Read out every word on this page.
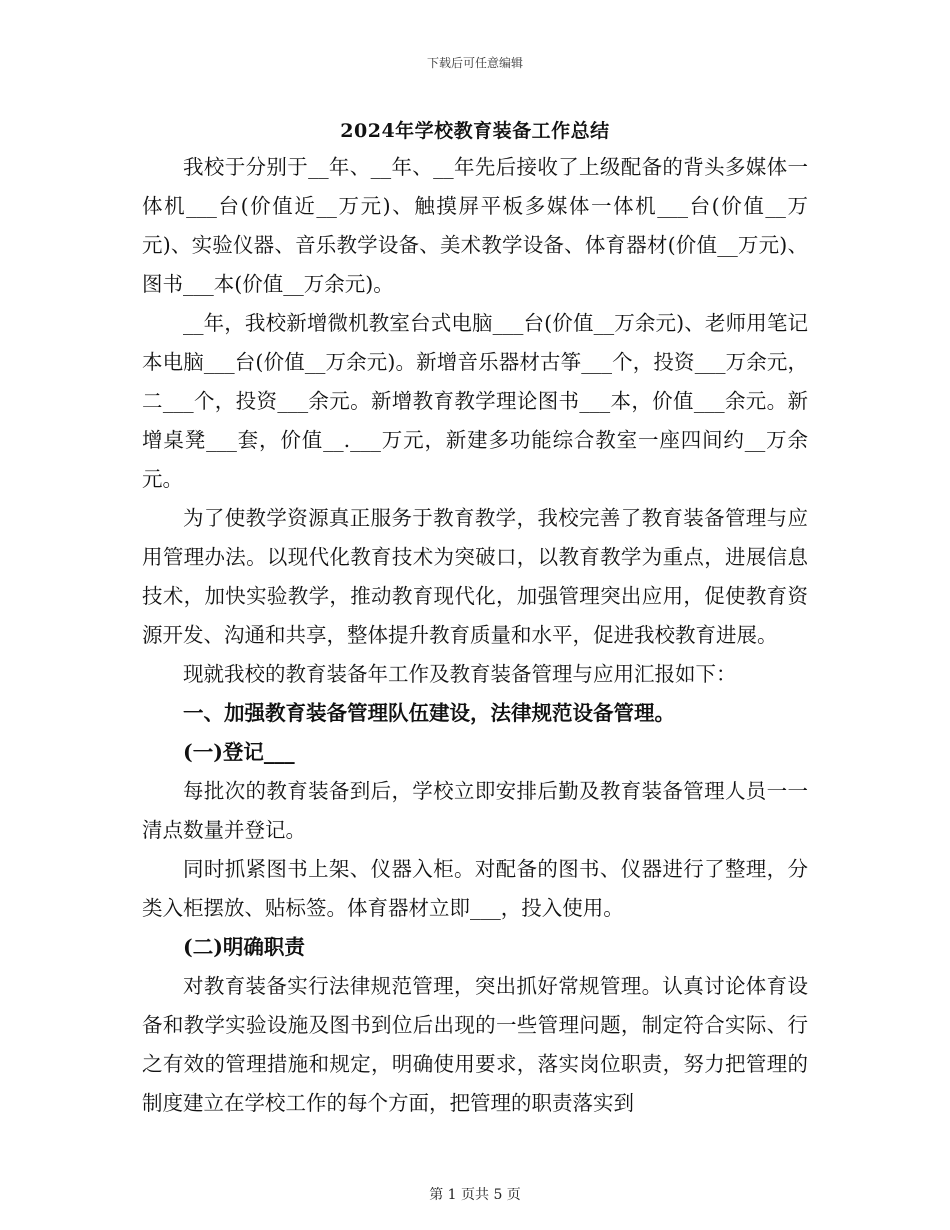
下载后可任意编辑
2024年学校教育装备工作总结

我校于分别于__年、__年、__年先后接收了上级配备的背头多媒体一体机___台(价值近__万元)、触摸屏平板多媒体一体机___台(价值__万元)、实验仪器、音乐教学设备、美术教学设备、体育器材(价值__万元)、图书___本(价值__万余元)。

__年，我校新增微机教室台式电脑___台(价值__万余元)、老师用笔记本电脑___台(价值__万余元)。新增音乐器材古筝___个，投资___万余元，二___个，投资___余元。新增教育教学理论图书___本，价值___余元。新增桌凳___套，价值__.___万元，新建多功能综合教室一座四间约__万余元。

为了使教学资源真正服务于教育教学，我校完善了教育装备管理与应用管理办法。以现代化教育技术为突破口，以教育教学为重点，进展信息技术，加快实验教学，推动教育现代化，加强管理突出应用，促使教育资源开发、沟通和共享，整体提升教育质量和水平，促进我校教育进展。

现就我校的教育装备年工作及教育装备管理与应用汇报如下：

一、加强教育装备管理队伍建设，法律规范设备管理。

(一)登记___

每批次的教育装备到后，学校立即安排后勤及教育装备管理人员一一清点数量并登记。

同时抓紧图书上架、仪器入柜。对配备的图书、仪器进行了整理，分类入柜摆放、贴标签。体育器材立即___，投入使用。

(二)明确职责

对教育装备实行法律规范管理，突出抓好常规管理。认真讨论体育设备和教学实验设施及图书到位后出现的一些管理问题，制定符合实际、行之有效的管理措施和规定，明确使用要求，落实岗位职责，努力把管理的制度建立在学校工作的每个方面，把管理的职责落实到

第 1 页共 5 页
